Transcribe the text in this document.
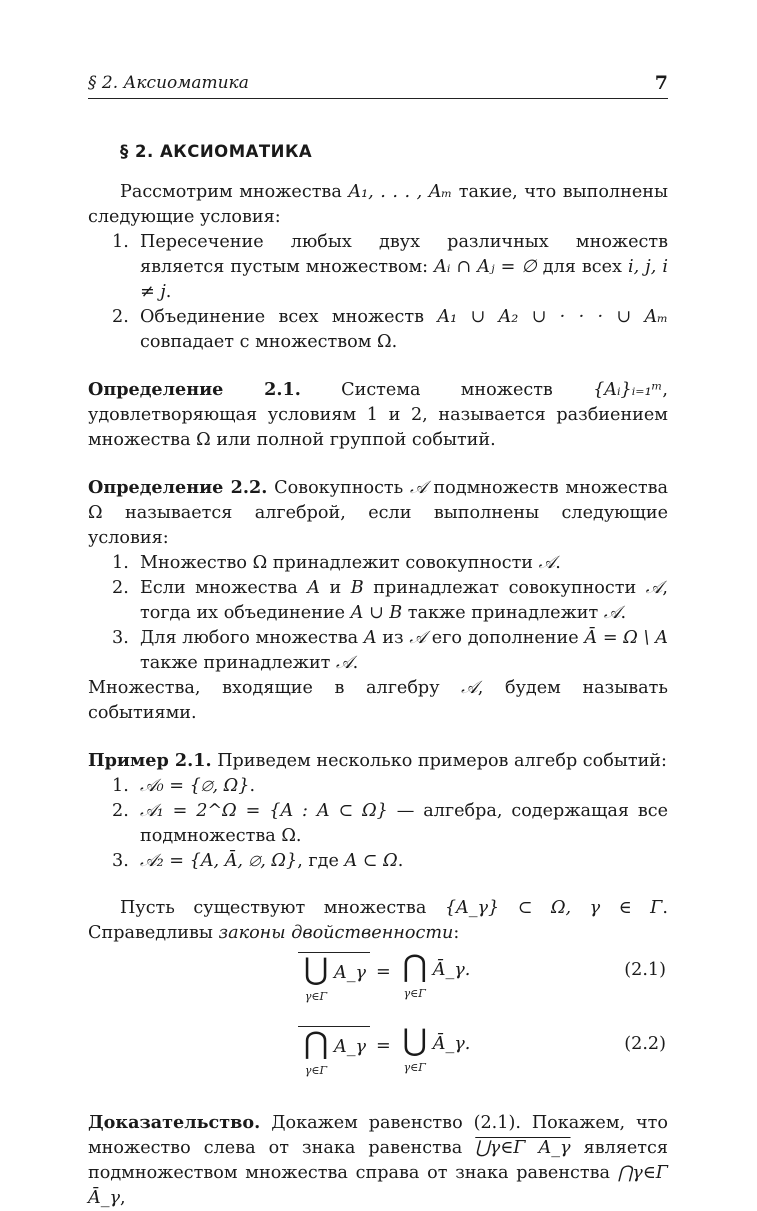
§ 2. Аксиоматика	7
§ 2. АКСИОМАТИКА

Рассмотрим множества A₁, . . . , Aₘ такие, что выполнены следующие условия:

1. Пересечение любых двух различных множеств является пустым множеством: Aᵢ ∩ Aⱼ = ∅ для всех i, j, i ≠ j.
2. Объединение всех множеств A₁ ∪ A₂ ∪ · · · ∪ Aₘ совпадает с множеством Ω.

Определение 2.1. Система множеств {Aᵢ}ᵢ₌₁ᵐ, удовлетворяющая условиям 1 и 2, называется разбиением множества Ω или полной группой событий.

Определение 2.2. Совокупность 𝒜 подмножеств множества Ω называется алгеброй, если выполнены следующие условия:

1. Множество Ω принадлежит совокупности 𝒜.
2. Если множества A и B принадлежат совокупности 𝒜, тогда их объединение A ∪ B также принадлежит 𝒜.
3. Для любого множества A из 𝒜 его дополнение Ā = Ω \ A также принадлежит 𝒜.

Множества, входящие в алгебру 𝒜, будем называть событиями.

Пример 2.1. Приведем несколько примеров алгебр событий:

1. 𝒜₀ = {∅, Ω}.
2. 𝒜₁ = 2^Ω = {A : A ⊂ Ω} — алгебра, содержащая все подмножества Ω.
3. 𝒜₂ = {A, Ā, ∅, Ω}, где A ⊂ Ω.

Пусть существуют множества {A_γ} ⊂ Ω, γ ∈ Γ. Справедливы законы двойственности:

⋃
γ∈Γ
A_γ = ⋂
γ∈Γ
Ā_γ.	(2.1)
⋂
γ∈Γ
A_γ = ⋃
γ∈Γ
Ā_γ.	(2.2)

Доказательство. Докажем равенство (2.1). Покажем, что множество слева от знака равенства ⋃γ∈Γ A_γ является подмножеством множества справа от знака равенства ⋂γ∈Γ Ā_γ,
